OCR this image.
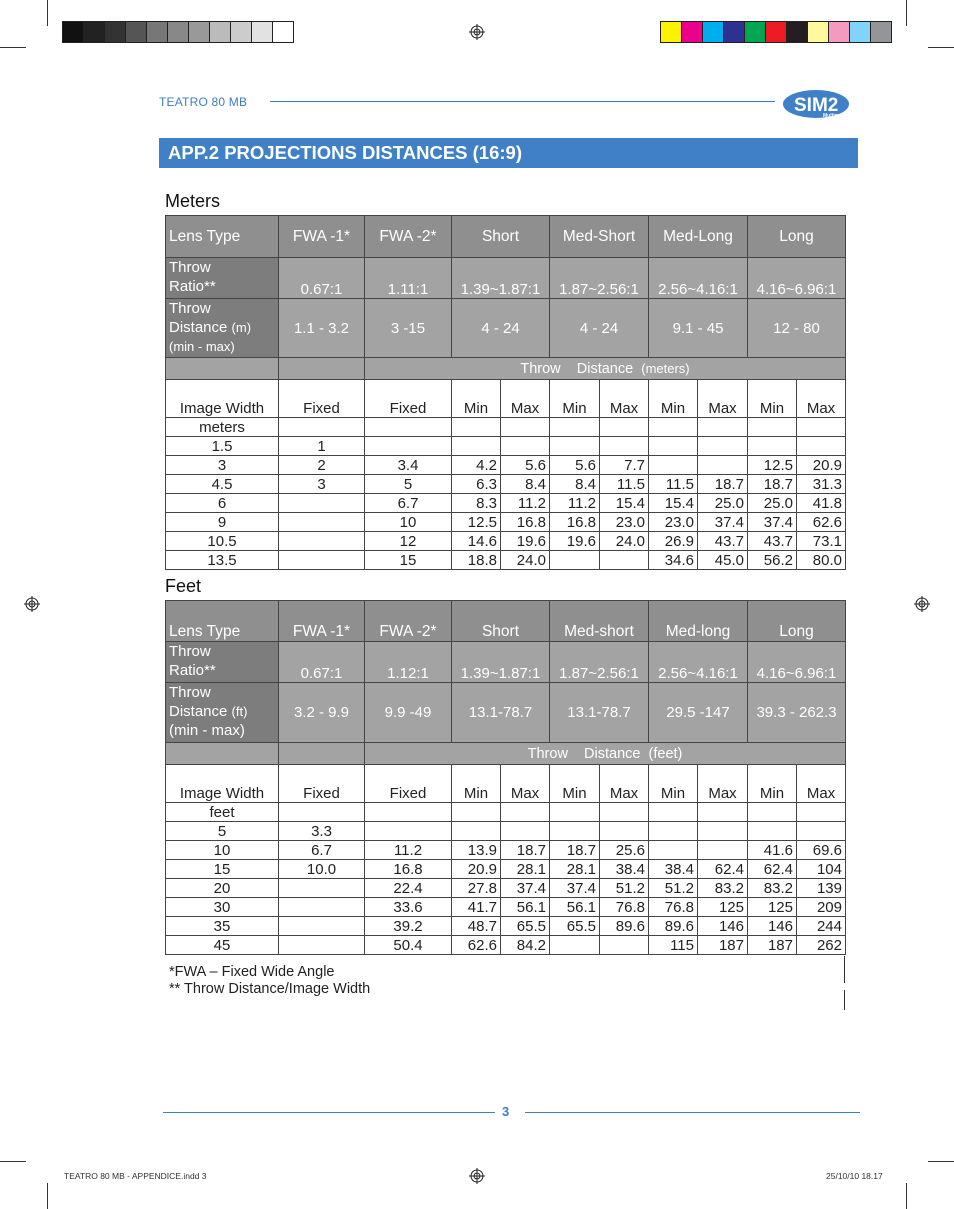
TEATRO 80 MB	SIM2
Multimedia
APP.2 PROJECTIONS DISTANCES (16:9)
Meters
Lens Type	FWA -1*	FWA -2*	Short		Med-Short		Med-Long		Long	
Throw
Ratio**	0.67:1	1.11:1	1.39~1.87:1		1.87~2.56:1		2.56~4.16:1		4.16~6.96:1	
Throw
Distance (m)
(min - max)	1.1 - 3.2	3 -15	4 - 24		4 - 24		9.1 - 45		12 - 80	
		Throw Distance (meters)								
Image Width	Fixed	Fixed	Min	Max	Min	Max	Min	Max	Min	Max
meters										
1.5	1									
3	2	3.4	4.2	5.6	5.6	7.7			12.5	20.9
4.5	3	5	6.3	8.4	8.4	11.5	11.5	18.7	18.7	31.3
6		6.7	8.3	11.2	11.2	15.4	15.4	25.0	25.0	41.8
9		10	12.5	16.8	16.8	23.0	23.0	37.4	37.4	62.6
10.5		12	14.6	19.6	19.6	24.0	26.9	43.7	43.7	73.1
13.5		15	18.8	24.0			34.6	45.0	56.2	80.0
Feet
Lens Type	FWA -1*	FWA -2*	Short		Med-short		Med-long		Long	
Throw
Ratio**	0.67:1	1.12:1	1.39~1.87:1		1.87~2.56:1		2.56~4.16:1		4.16~6.96:1	
Throw
Distance (ft)
(min - max)	3.2 - 9.9	9.9 -49	13.1-78.7		13.1-78.7		29.5 -147		39.3 - 262.3	
		Throw Distance (feet)								
Image Width	Fixed	Fixed	Min	Max	Min	Max	Min	Max	Min	Max
feet										
5	3.3									
10	6.7	11.2	13.9	18.7	18.7	25.6			41.6	69.6
15	10.0	16.8	20.9	28.1	28.1	38.4	38.4	62.4	62.4	104
20		22.4	27.8	37.4	37.4	51.2	51.2	83.2	83.2	139
30		33.6	41.7	56.1	56.1	76.8	76.8	125	125	209
35		39.2	48.7	65.5	65.5	89.6	89.6	146	146	244
45		50.4	62.6	84.2			115	187	187	262
*FWA – Fixed Wide Angle
** Throw Distance/Image Width
3
TEATRO 80 MB - APPENDICE.indd 3	25/10/10 18.17
